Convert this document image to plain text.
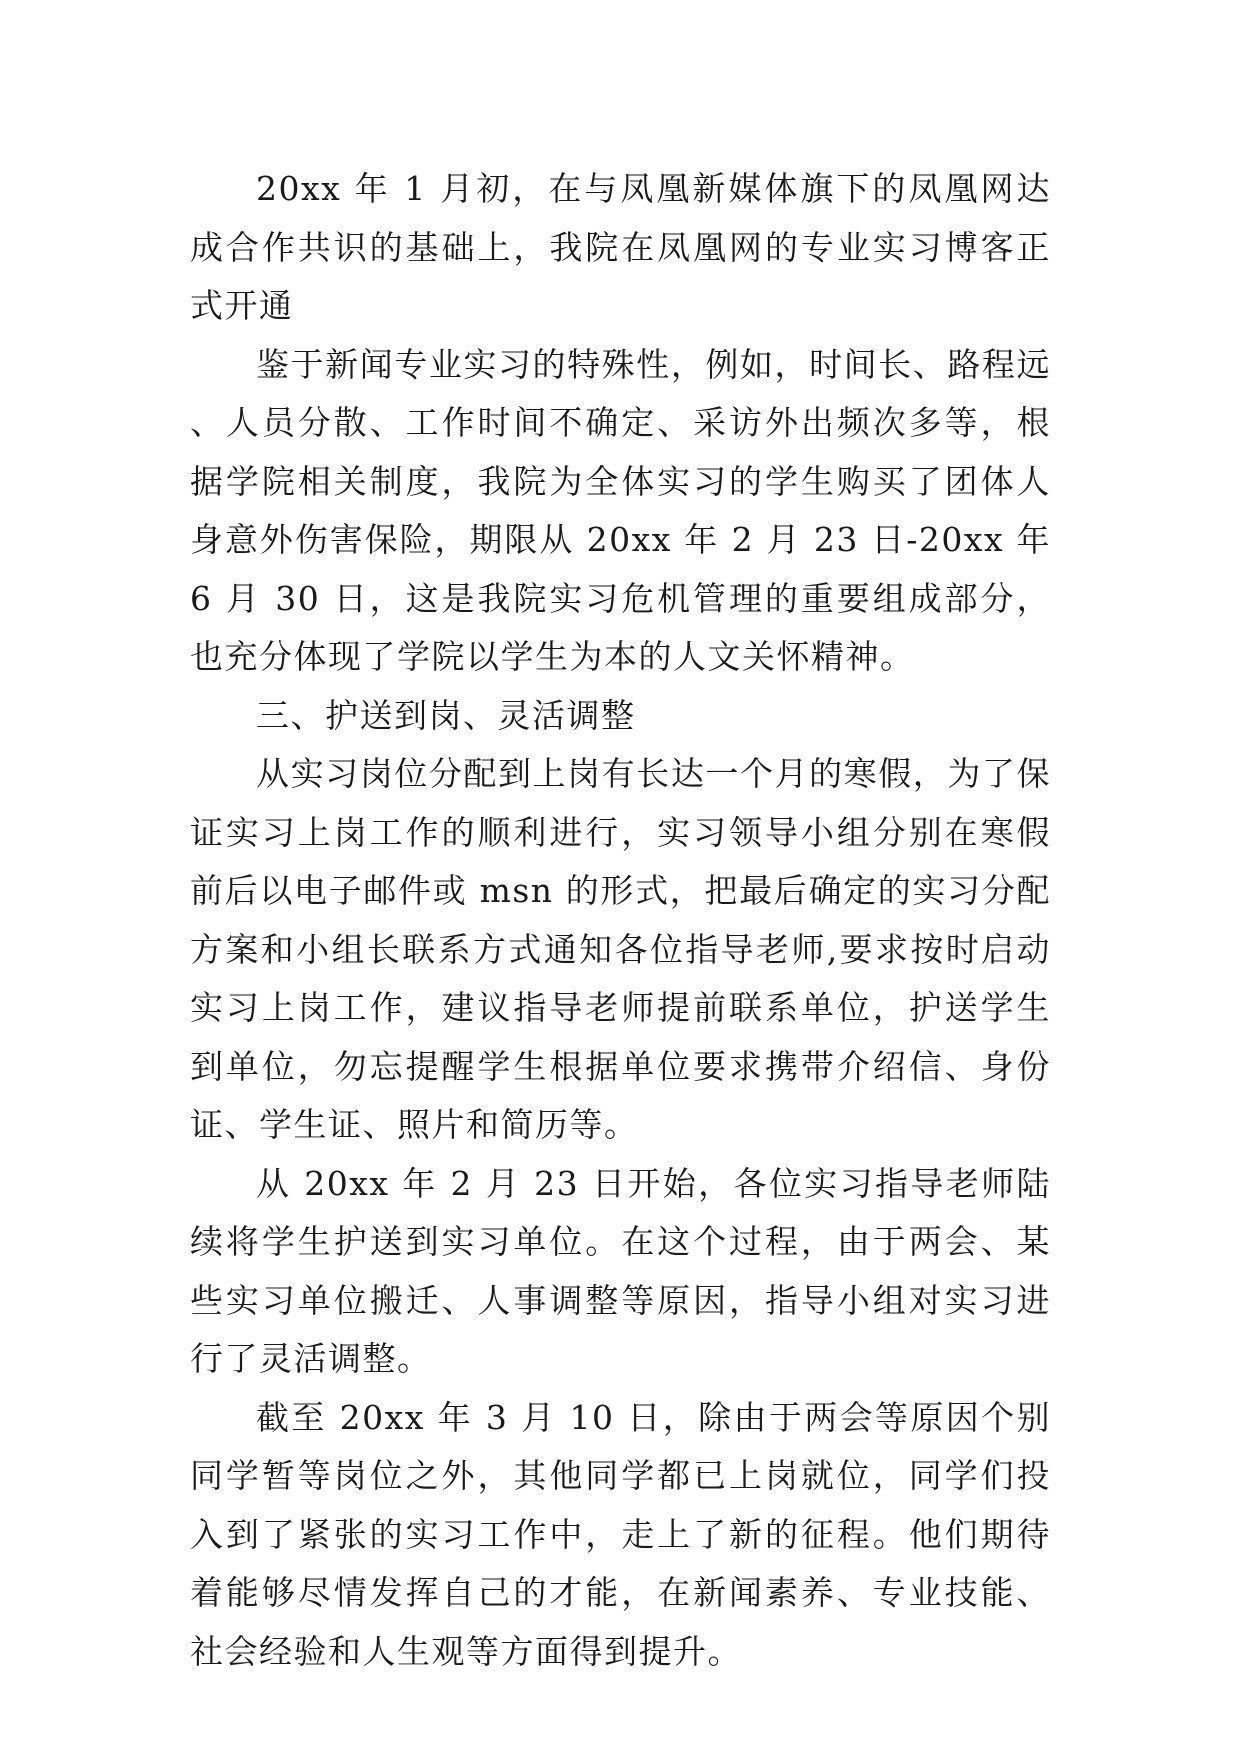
20xx 年 1 月初，在与凤凰新媒体旗下的凤凰网达成合作共识的基础上，我院在凤凰网的专业实习博客正式开通

鉴于新闻专业实习的特殊性，例如，时间长、路程远、人员分散、工作时间不确定、采访外出频次多等，根据学院相关制度，我院为全体实习的学生购买了团体人身意外伤害保险，期限从 20xx 年 2 月 23 日-20xx 年 6 月 30 日，这是我院实习危机管理的重要组成部分，也充分体现了学院以学生为本的人文关怀精神。

三、护送到岗、灵活调整

从实习岗位分配到上岗有长达一个月的寒假，为了保证实习上岗工作的顺利进行，实习领导小组分别在寒假前后以电子邮件或 msn 的形式，把最后确定的实习分配方案和小组长联系方式通知各位指导老师,要求按时启动实习上岗工作，建议指导老师提前联系单位，护送学生到单位，勿忘提醒学生根据单位要求携带介绍信、身份证、学生证、照片和简历等。

从 20xx 年 2 月 23 日开始，各位实习指导老师陆续将学生护送到实习单位。在这个过程，由于两会、某些实习单位搬迁、人事调整等原因，指导小组对实习进行了灵活调整。

截至 20xx 年 3 月 10 日，除由于两会等原因个别同学暂等岗位之外，其他同学都已上岗就位，同学们投入到了紧张的实习工作中，走上了新的征程。他们期待着能够尽情发挥自己的才能，在新闻素养、专业技能、社会经验和人生观等方面得到提升。
